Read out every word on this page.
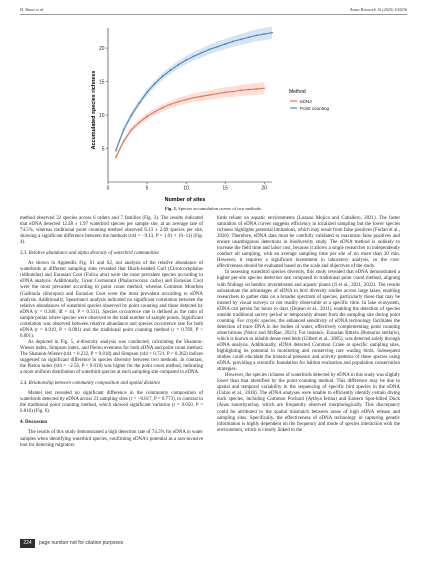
H. Shuai et al.	Avian Research 16 (2025) 100236
0	5	10	15	20
5
10
15
20
Accumulated species richness
Number of sites
Method
eDNA
Point counting
Fig. 2. Species accumulation curves of two methods.

method observed 22 species across 6 orders and 7 families (Fig. 3). The results indicated that eDNA detected 12.48 ± 1.97 waterbird species per sample site, at an average rate of 74.5%, whereas traditional point counting method observed 6.13 ± 2.69 species per site, showing a significant difference between the methods (t44 = −9.13, P = 1.01 × 10−11) (Fig. 4).

3.3. Relative abundance and alpha diversity of waterbird communities

As shown in Appendix Fig. S1 and S2, our analysis of the relative abundance of waterbirds at different sampling sites revealed that Black-headed Gull (Chroicocephalus ridibundus) and Eurasian Coot (Fulica atra) were the most prevalent species according to eDNA analysis. Additionally, Great Cormorant (Phalacrocorax carbo) and Eurasian Coot were the most prevalent according to point count method, whereas Common Moorhen (Gallinula chloropus) and Eurasian Coot were the most prevalent according to eDNA analysis. Additionally, Spearman's analysis indicated no significant correlation between the relative abundances of waterbird species observed by point counting and those detected by eDNA (r = 0.308, df = 44, P = 0.331). Species occurrence rate is defined as the ratio of sample points where species were observed to the total number of sample points. Significant correlation was observed between relative abundance and species occurrence rate for both eDNA (r = 0.919, P < 0.001) and the traditional point counting method (r = 0.769, P < 0.001).

As depicted in Fig. 5, α-diversity analysis was conducted, calculating the Shannon-Wiener index, Simpson index, and Pielou evenness for both eDNA and point count method. The Shannon-Wiener (t44 = 0.232, P = 0.818) and Simpson (t44 = 0.721, P = 0.362) indices suggested no significant difference in species diversity between two methods. In contrast, the Pielou index (t44 = −2.56, P = 0.018) was higher for the point count method, indicating a more uniform distribution of waterbird species at each sampling site compared to eDNA.

3.4. Relationship between community composition and spatial distance

Mantel test revealed no significant difference in the community composition of waterbirds detected by eDNA across 23 sampling sites (r = −0.017, P = 0.773), in contrast to the traditional point counting method, which showed significant variation (r = 0.050, P = 0.016) (Fig. 6).

4. Discussion

The results of this study demonstrated a high detection rate of 74.5% for eDNA in water samples when identifying waterbird species, confirming eDNA's potential as a non-invasive tool for detecting migratory

birds reliant on aquatic environments (Lozano Mojica and Caballero, 2021). The faster saturation of eDNA curves suggests efficiency in localized sampling but the lower species richness highlights potential limitations, which may result from false positives (Furlan et al., 2020). Therefore, eDNA data must be carefully validated to maximize false positives and ensure unambiguous detections in biodiversity study. The eDNA method is unlikely to increase the field time and labor cost, because it allows a single researcher to independently conduct all sampling, with an average sampling time per site of no more than 20 min. However, it requires a significant investment in laboratory analysis, so the cost-effectiveness should be evaluated based on the scale and objectives of the study.

In assessing waterbird species diversity, this study revealed that eDNA demonstrated a higher per-site species detection rate compared to traditional point count method, aligning with findings on benthic invertebrates and aquatic plants (Ji et al., 2021, 2022). The results substantiate the advantages of eDNA in bird diversity studies across large lakes, enabling researchers to gather data on a broader spectrum of species, particularly those that may be missed by visual surveys or not readily observable at a specific time. In lake ecosystem, eDNA can persist for hours to days (Dejean et al., 2011), enabling the detection of species outside traditional survey period or temporarily absent from the sampling site during point counting. For cryptic species, the enhanced sensitivity of eDNA technology facilitates the detection of trace DNA in the bodies of water, effectively complementing point counting observations (Neice and McRae, 2021). For instance, Eurasian Bittern (Botaurus stellaris), which is known to inhabit dense reed beds (Gilbert et al., 2005), was detected solely through eDNA analysis. Additionally, eDNA detected Common Crane at specific sampling sites, highlighting its potential in monitoring and conserving rare wading birds. Subsequent studies could elucidate the historical presence and activity patterns of these species using eDNA, providing a scientific foundation for habitat evaluation and population conservation strategies.

However, the species richness of waterbirds detected by eDNA in this study was slightly lower than that identified by the point counting method. This difference may be due to spatial and temporal variability in the sequencing of specific bird species in the eDNA (Ushio et al., 2018). The eDNA analyses were unable to efficiently identify certain diving duck species, including Common Pochard (Aythya ferina) and Eastern Spot-billed Duck (Anas zonorhyncha), which are frequently observed morphologically. This discrepancy could be attributed to the spatial mismatch between areas of high eDNA release and sampling sites. Specifically, the effectiveness of eDNA technology in capturing genetic information is highly dependent on the frequency and mode of species interaction with the environment, which is closely linked to the

224	page number not for citation purposes
